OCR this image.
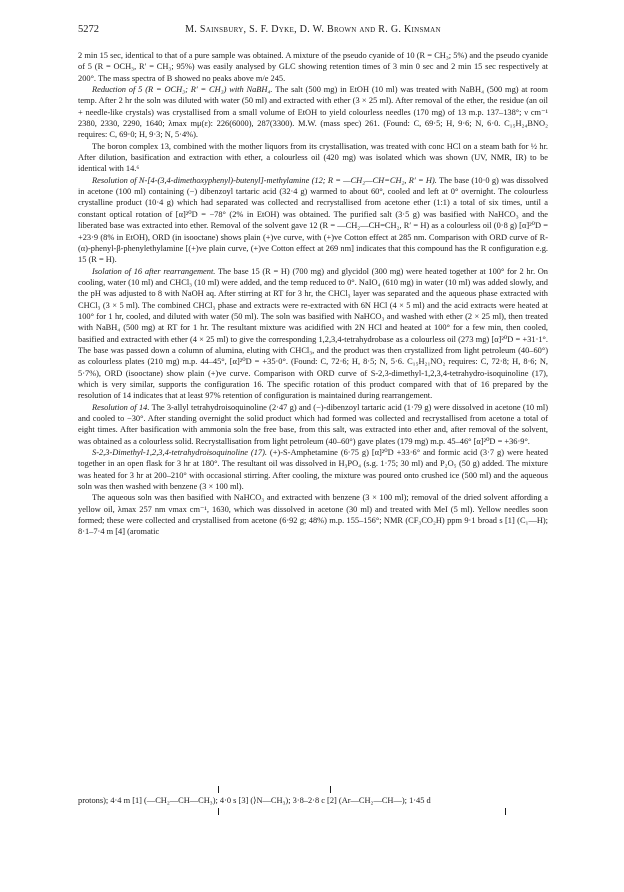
5272	M. Sainsbury, S. F. Dyke, D. W. Brown and R. G. Kinsman

2 min 15 sec, identical to that of a pure sample was obtained. A mixture of the pseudo cyanide of 10 (R = CH₃; 5%) and the pseudo cyanide of 5 (R = OCH₃, R′ = CH₃; 95%) was easily analysed by GLC showing retention times of 3 min 0 sec and 2 min 15 sec respectively at 200°. The mass spectra of B showed no peaks above m/e 245.

Reduction of 5 (R = OCH₃; R′ = CH₃) with NaBH₄. The salt (500 mg) in EtOH (10 ml) was treated with NaBH₄ (500 mg) at room temp. After 2 hr the soln was diluted with water (50 ml) and extracted with ether (3 × 25 ml). After removal of the ether, the residue (an oil + needle-like crystals) was crystallised from a small volume of EtOH to yield colourless needles (170 mg) of 13 m.p. 137–138°; ν cm⁻¹ 2380, 2330, 2290, 1640; λmax mμ(ε): 226(6000), 287(3300). M.W. (mass spec) 261. (Found: C, 69·5; H, 9·6; N, 6·0. C₁₅H₂₄BNO₂ requires: C, 69·0; H, 9·3; N, 5·4%).

The boron complex 13, combined with the mother liquors from its crystallisation, was treated with conc HCl on a steam bath for ½ hr. After dilution, basification and extraction with ether, a colourless oil (420 mg) was isolated which was shown (UV, NMR, IR) to be identical with 14.⁶

Resolution of N-[4-(3,4-dimethoxyphenyl)-butenyl]-methylamine (12; R = —CH₂—CH=CH₂, R′ = H). The base (10·0 g) was dissolved in acetone (100 ml) containing (−) dibenzoyl tartaric acid (32·4 g) warmed to about 60°, cooled and left at 0° overnight. The colourless crystalline product (10·4 g) which had separated was collected and recrystallised from acetone ether (1:1) a total of six times, until a constant optical rotation of [α]²⁰D = −78° (2% in EtOH) was obtained. The purified salt (3·5 g) was basified with NaHCO₃ and the liberated base was extracted into ether. Removal of the solvent gave 12 (R = —CH₂—CH=CH₂, R′ = H) as a colourless oil (0·8 g) [α]²⁰D = +23·9 (8% in EtOH), ORD (in isooctane) shows plain (+)ve curve, with (+)ve Cotton effect at 285 nm. Comparison with ORD curve of R-(α)-phenyl-β-phenylethylamine [(+)ve plain curve, (+)ve Cotton effect at 269 nm] indicates that this compound has the R configuration e.g. 15 (R = H).

Isolation of 16 after rearrangement. The base 15 (R = H) (700 mg) and glycidol (300 mg) were heated together at 100° for 2 hr. On cooling, water (10 ml) and CHCl₃ (10 ml) were added, and the temp reduced to 0°. NaIO₄ (610 mg) in water (10 ml) was added slowly, and the pH was adjusted to 8 with NaOH aq. After stirring at RT for 3 hr, the CHCl₃ layer was separated and the aqueous phase extracted with CHCl₃ (3 × 5 ml). The combined CHCl₃ phase and extracts were re-extracted with 6N HCl (4 × 5 ml) and the acid extracts were heated at 100° for 1 hr, cooled, and diluted with water (50 ml). The soln was basified with NaHCO₃ and washed with ether (2 × 25 ml), then treated with NaBH₄ (500 mg) at RT for 1 hr. The resultant mixture was acidified with 2N HCl and heated at 100° for a few min, then cooled, basified and extracted with ether (4 × 25 ml) to give the corresponding 1,2,3,4-tetrahydrobase as a colourless oil (273 mg) [α]²⁰D = +31·1°. The base was passed down a column of alumina, eluting with CHCl₃, and the product was then crystallized from light petroleum (40–60°) as colourless plates (210 mg) m.p. 44–45°, [α]²⁰D = +35·0°. (Found: C, 72·6; H, 8·5; N, 5·6. C₁₅H₂₁NO₂ requires: C, 72·8; H, 8·6; N, 5·7%), ORD (isooctane) show plain (+)ve curve. Comparison with ORD curve of S-2,3-dimethyl-1,2,3,4-tetrahydro-isoquinoline (17), which is very similar, supports the configuration 16. The specific rotation of this product compared with that of 16 prepared by the resolution of 14 indicates that at least 97% retention of configuration is maintained during rearrangement.

Resolution of 14. The 3-allyl tetrahydroisoquinoline (2·47 g) and (−)-dibenzoyl tartaric acid (1·79 g) were dissolved in acetone (10 ml) and cooled to −30°. After standing overnight the solid product which had formed was collected and recrystallised from acetone a total of eight times. After basification with ammonia soln the free base, from this salt, was extracted into ether and, after removal of the solvent, was obtained as a colourless solid. Recrystallisation from light petroleum (40–60°) gave plates (179 mg) m.p. 45–46° [α]²⁰D = +36·9°.

S-2,3-Dimethyl-1,2,3,4-tetrahydroisoquinoline (17). (+)-S-Amphetamine (6·75 g) [α]²⁰D +33·6° and formic acid (3·7 g) were heated together in an open flask for 3 hr at 180°. The resultant oil was dissolved in H₃PO₄ (s.g. 1·75; 30 ml) and P₂O₅ (50 g) added. The mixture was heated for 3 hr at 200–210° with occasional stirring. After cooling, the mixture was poured onto crushed ice (500 ml) and the aqueous soln was then washed with benzene (3 × 100 ml).

The aqueous soln was then basified with NaHCO₃ and extracted with benzene (3 × 100 ml); removal of the dried solvent affording a yellow oil, λmax 257 nm νmax cm⁻¹, 1630, which was dissolved in acetone (30 ml) and treated with MeI (5 ml). Yellow needles soon formed; these were collected and crystallised from acetone (6·92 g; 48%) m.p. 155–156°; NMR (CF₃CO₂H) ppm 9·1 broad s [1] (C₁—H); 8·1–7·4 m [4] (aromatic

protons); 4·4 m [1] (—CH₂—CH—CH₃); 4·0 s [3] (⟩N—CH₃); 3·8–2·8 c [2] (Ar—CH₂—CH—); 1·45 d
